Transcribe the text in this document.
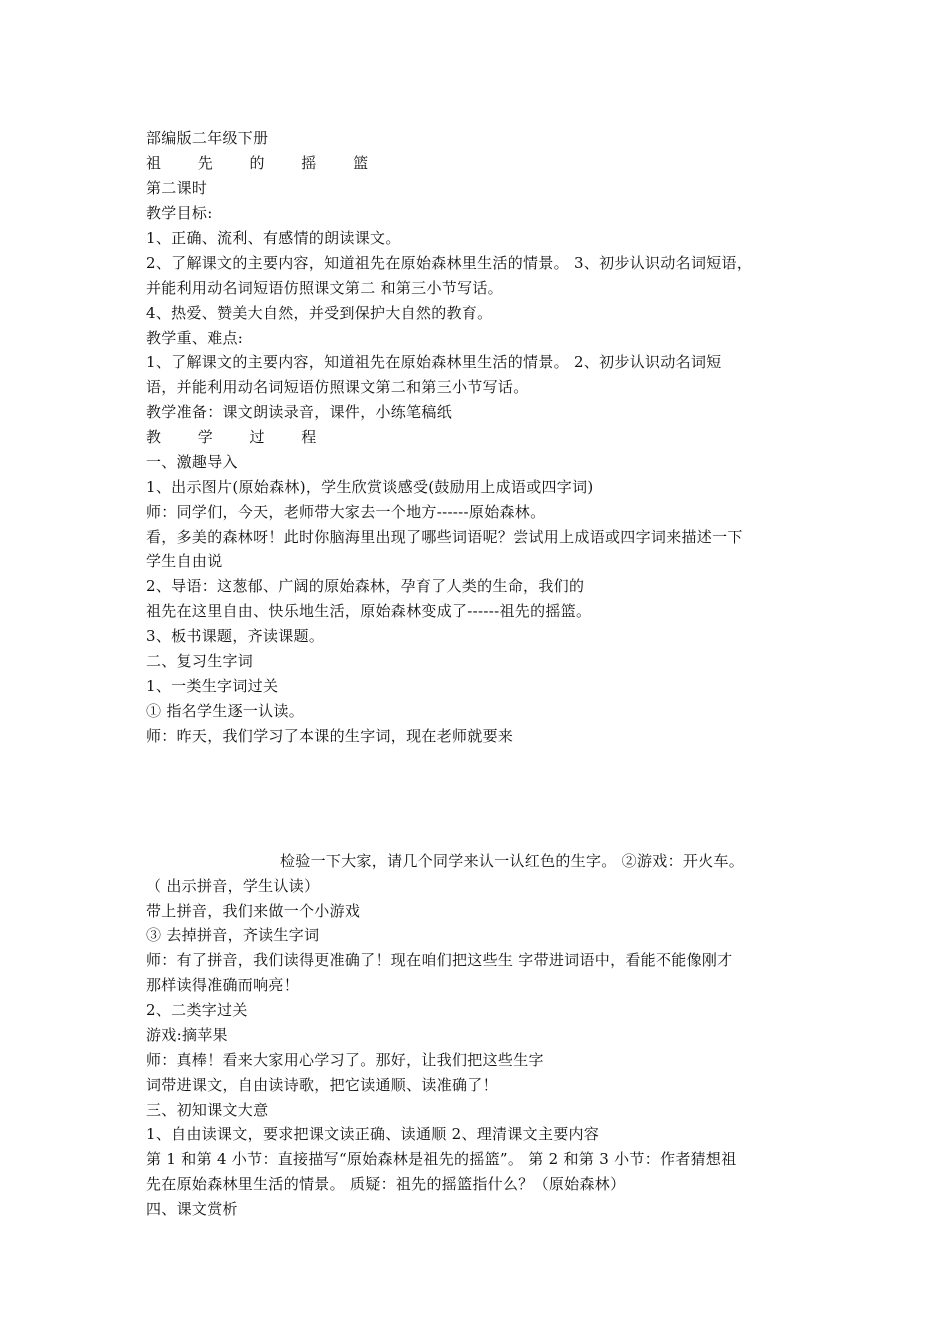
部编版二年级下册
祖 先 的 摇 篮
第二课时
教学目标:
1、正确、流利、有感情的朗读课文。
2、了解课文的主要内容，知道祖先在原始森林里生活的情景。 3、初步认识动名词短语，
并能利用动名词短语仿照课文第二 和第三小节写话。
4、热爱、赞美大自然，并受到保护大自然的教育。
教学重、难点:
1、了解课文的主要内容，知道祖先在原始森林里生活的情景。 2、初步认识动名词短
语，并能利用动名词短语仿照课文第二和第三小节写话。
教学准备：课文朗读录音，课件，小练笔稿纸
教 学 过 程
一、激趣导入
1、出示图片(原始森林)，学生欣赏谈感受(鼓励用上成语或四字词)
师：同学们，今天，老师带大家去一个地方------原始森林。
看，多美的森林呀！此时你脑海里出现了哪些词语呢？尝试用上成语或四字词来描述一下
学生自由说
2、导语：这葱郁、广阔的原始森林，孕育了人类的生命，我们的
祖先在这里自由、快乐地生活，原始森林变成了------祖先的摇篮。
3、板书课题，齐读课题。
二、复习生字词
1、一类生字词过关
① 指名学生逐一认读。
师：昨天，我们学习了本课的生字词，现在老师就要来
检验一下大家，请几个同学来认一认红色的生字。 ②游戏：开火车。
（ 出示拼音，学生认读）
带上拼音，我们来做一个小游戏
③ 去掉拼音，齐读生字词
师：有了拼音，我们读得更准确了！现在咱们把这些生 字带进词语中，看能不能像刚才
那样读得准确而响亮！
2、二类字过关
游戏:摘苹果
师：真棒！看来大家用心学习了。那好，让我们把这些生字
词带进课文，自由读诗歌，把它读通顺、读准确了！
三、初知课文大意
1、自由读课文，要求把课文读正确、读通顺 2、理清课文主要内容
第 1 和第 4 小节：直接描写“原始森林是祖先的摇篮”。 第 2 和第 3 小节：作者猜想祖
先在原始森林里生活的情景。 质疑：祖先的摇篮指什么？（原始森林）
四、课文赏析
